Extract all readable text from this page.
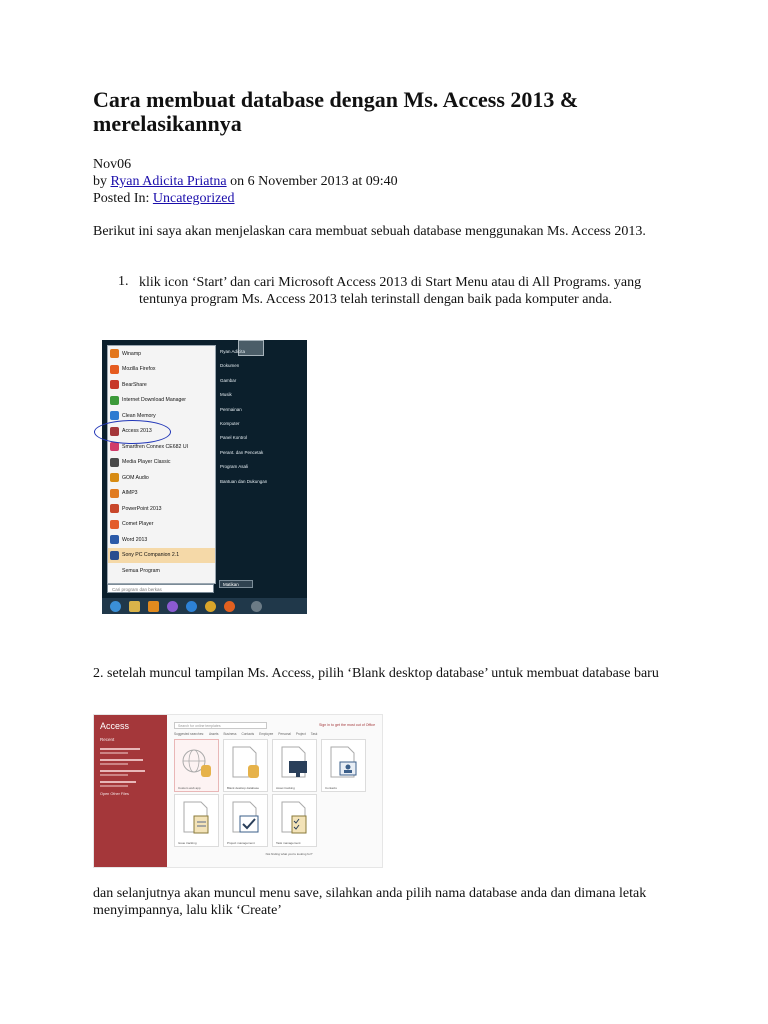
Cara membuat database dengan Ms. Access 2013 & merelasikannya
Nov06
by Ryan Adicita Priatna on 6 November 2013 at 09:40
Posted In: Uncategorized
Berikut ini saya akan menjelaskan cara membuat sebuah database menggunakan Ms. Access 2013.
1. klik icon ‘Start’ dan cari Microsoft Access 2013 di Start Menu atau di All Programs. yang tentunya program Ms. Access 2013 telah terinstall dengan baik pada komputer anda.
Winamp
Mozilla Firefox
BearShare
Internet Download Manager
Clean Memory
Access 2013
Smartfren Connex CE682 UI
Media Player Classic
GOM Audio
AIMP3
PowerPoint 2013
Comet Player
Word 2013
Sony PC Companion 2.1
Semua Program
Cari program dan berkas
Ryan Adicita
Dokumen
Gambar
Musik
Permainan
Komputer
Panel Kontrol
Perant. dan Pencetak
Program Asali
Bantuan dan Dukungan
Matikan
2. setelah muncul tampilan Ms. Access, pilih ‘Blank desktop database’ untuk membuat database baru
Access
Recent
Open Other Files
Search for online templates	Sign in to get the most out of Office
Suggested searches: Assets Business Contacts Employee Personal Project Task
Custom web app	Blank desktop database	Asset tracking	Contacts
Issue tracking	Project management	Task management
Not finding what you're looking for?
dan selanjutnya akan muncul menu save, silahkan anda pilih nama database anda dan dimana letak menyimpannya, lalu klik ‘Create’
